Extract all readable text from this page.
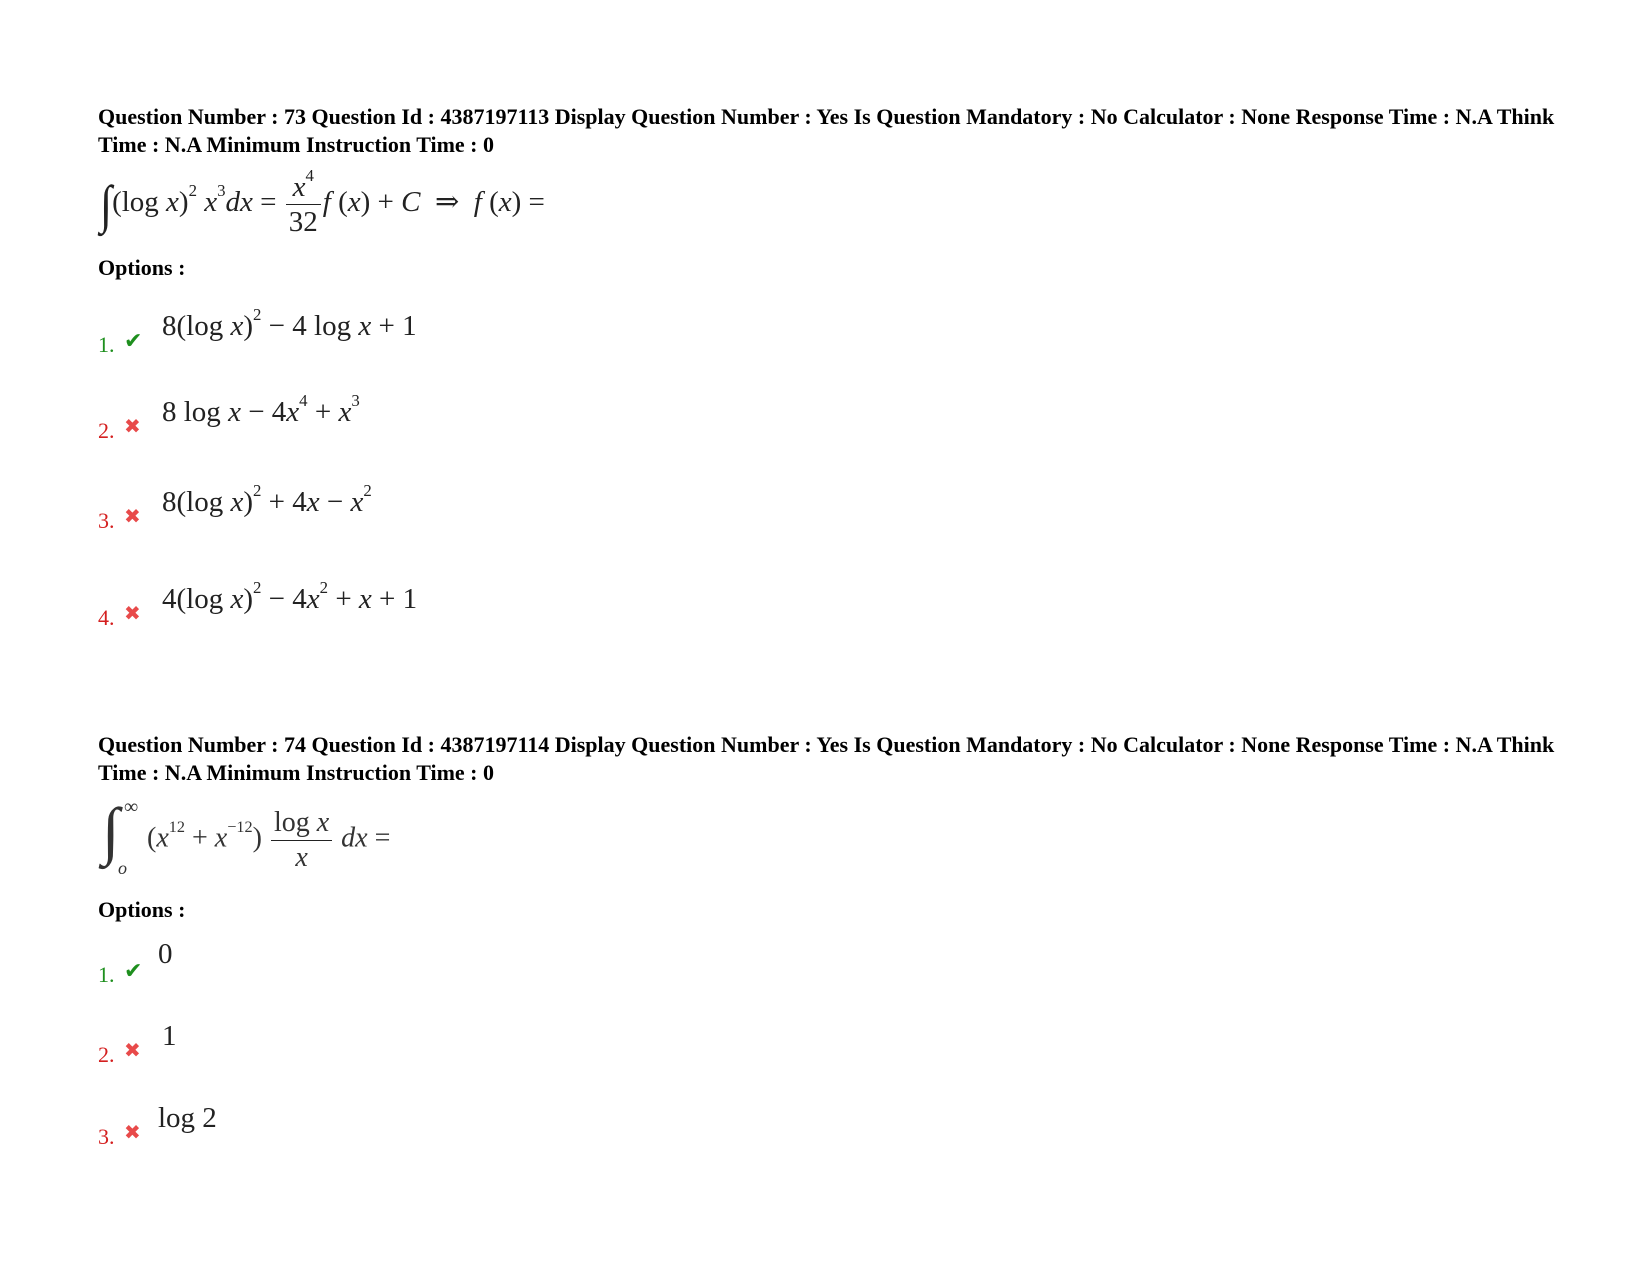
Question Number : 73 Question Id : 4387197113 Display Question Number : Yes Is Question Mandatory : No Calculator : None Response Time : N.A Think Time : N.A Minimum Instruction Time : 0

∫(log x)$^2$ $x^3dx = \frac{x^4}{32}$ f (x) + C  ⇒  f (x) =
Options :
1. ✔ 8(log x)$^2$ − 4 log x + 1
2. ✖ 8 $\log x - 4x^4 + x^3$
3. ✖ 8(log $x)^2 + 4x - x^2$
4. ✖ 4(log $x)^2 - 4x^2 + x + 1$

Question Number : 74 Question Id : 4387197114 Display Question Number : Yes Is Question Mandatory : No Calculator : None Response Time : N.A Think Time : N.A Minimum Instruction Time : 0

∫ ∞
o
$(x^{12} + x^{-12}) \frac{\text{log x}}{x}$ dx =
Options :
1. ✔
0
2. ✖ 1
3. ✖ log 2
